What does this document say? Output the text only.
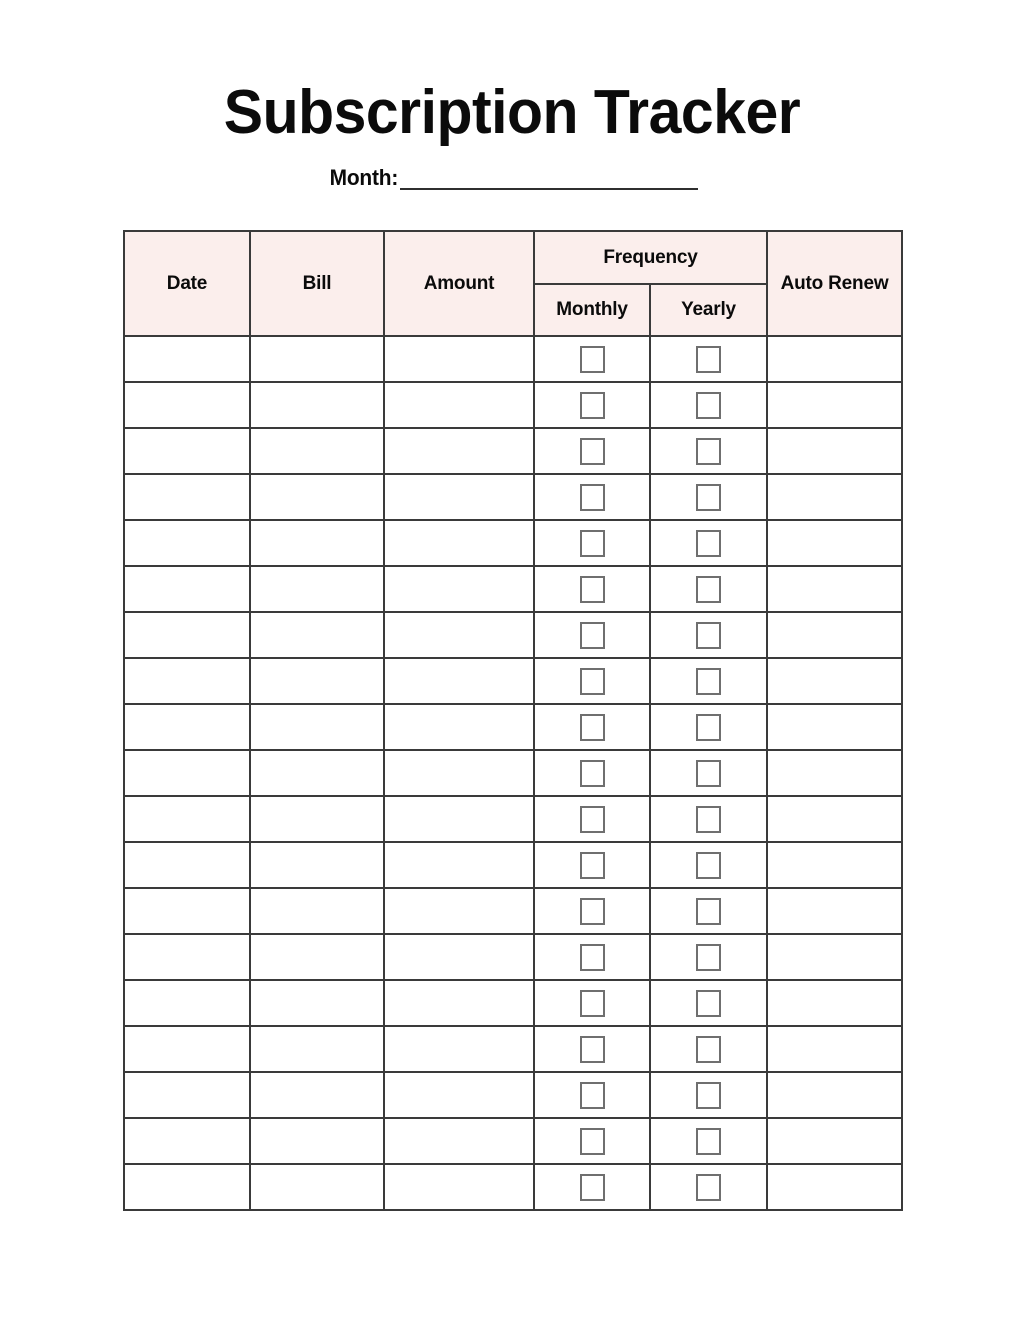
Subscription Tracker
Month:
Date	Bill	Amount	Frequency		Auto Renew
			Monthly	Yearly	
